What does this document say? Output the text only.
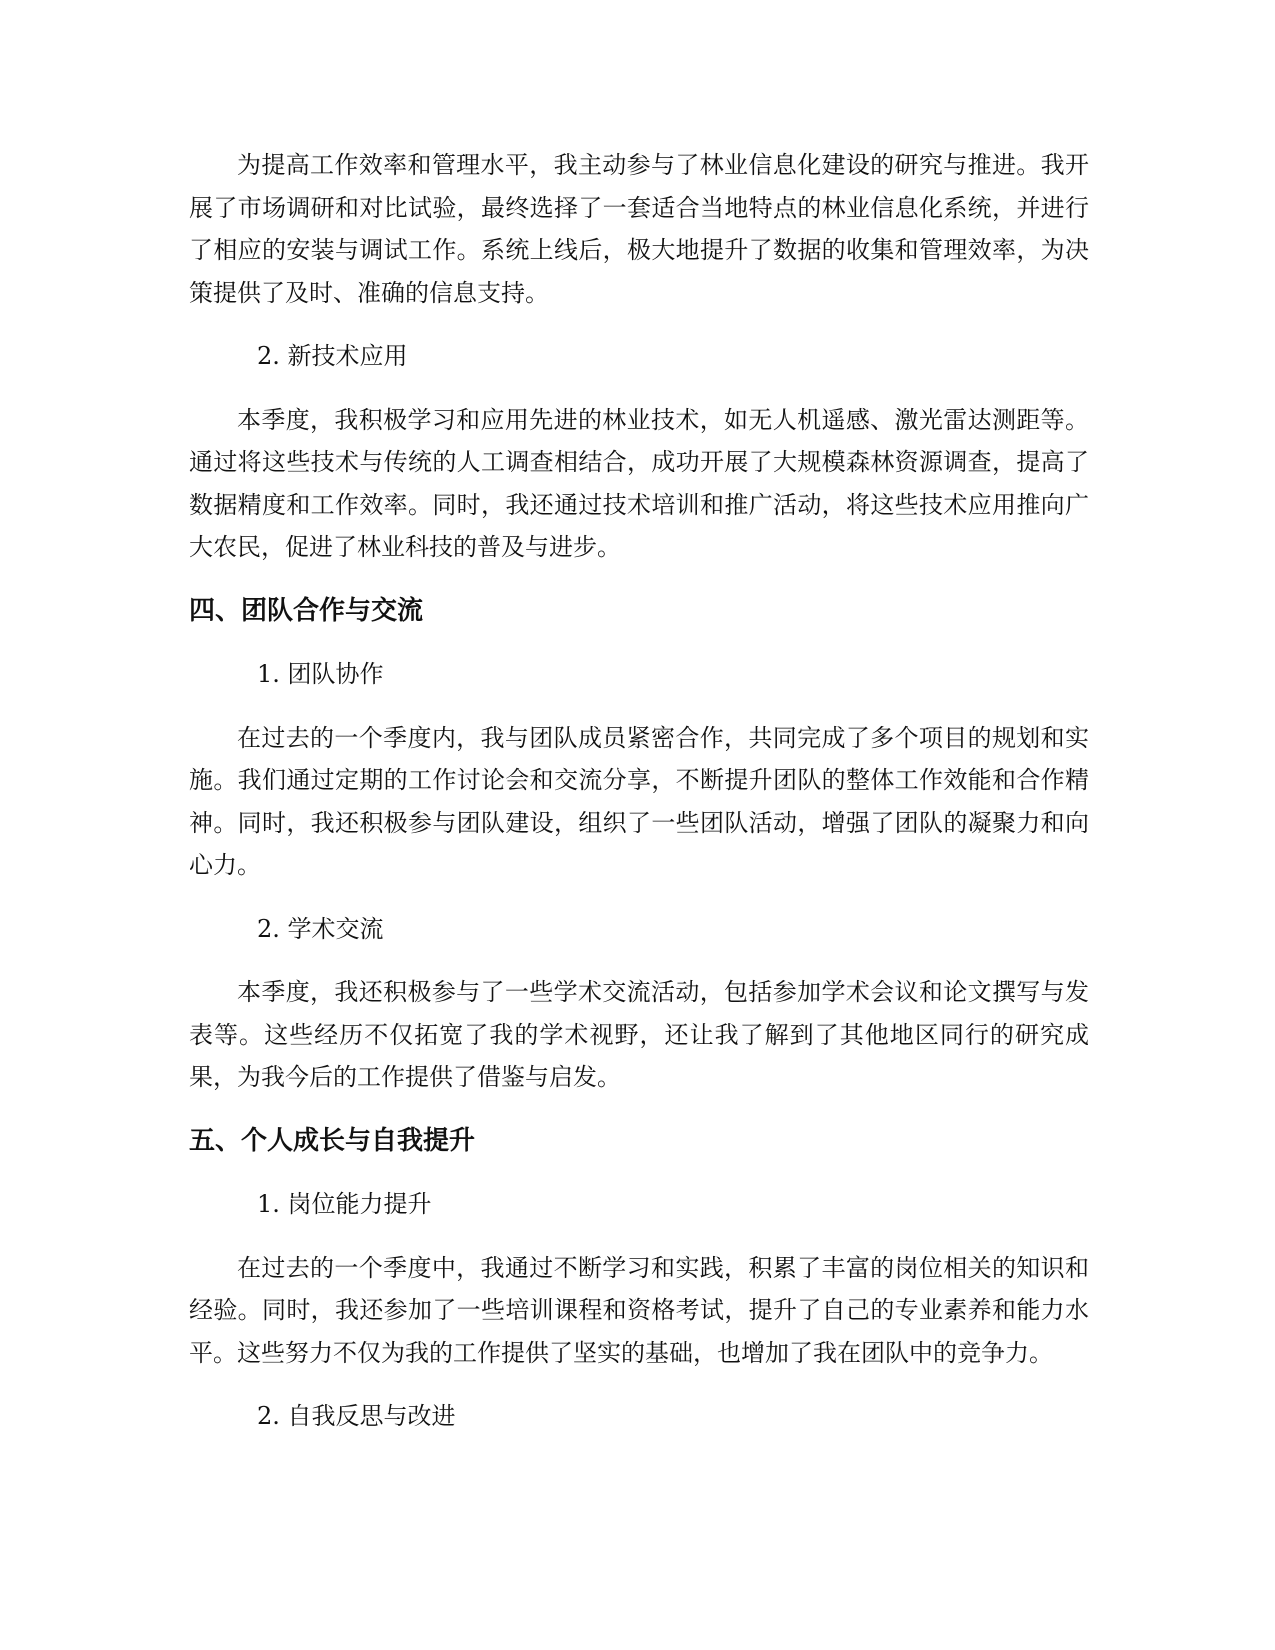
为提高工作效率和管理水平，我主动参与了林业信息化建设的研究与推进。我开展了市场调研和对比试验，最终选择了一套适合当地特点的林业信息化系统，并进行了相应的安装与调试工作。系统上线后，极大地提升了数据的收集和管理效率，为决策提供了及时、准确的信息支持。

2. 新技术应用

本季度，我积极学习和应用先进的林业技术，如无人机遥感、激光雷达测距等。通过将这些技术与传统的人工调查相结合，成功开展了大规模森林资源调查，提高了数据精度和工作效率。同时，我还通过技术培训和推广活动，将这些技术应用推向广大农民，促进了林业科技的普及与进步。

四、团队合作与交流

1. 团队协作

在过去的一个季度内，我与团队成员紧密合作，共同完成了多个项目的规划和实施。我们通过定期的工作讨论会和交流分享，不断提升团队的整体工作效能和合作精神。同时，我还积极参与团队建设，组织了一些团队活动，增强了团队的凝聚力和向心力。

2. 学术交流

本季度，我还积极参与了一些学术交流活动，包括参加学术会议和论文撰写与发表等。这些经历不仅拓宽了我的学术视野，还让我了解到了其他地区同行的研究成果，为我今后的工作提供了借鉴与启发。

五、个人成长与自我提升

1. 岗位能力提升

在过去的一个季度中，我通过不断学习和实践，积累了丰富的岗位相关的知识和经验。同时，我还参加了一些培训课程和资格考试，提升了自己的专业素养和能力水平。这些努力不仅为我的工作提供了坚实的基础，也增加了我在团队中的竞争力。

2. 自我反思与改进
